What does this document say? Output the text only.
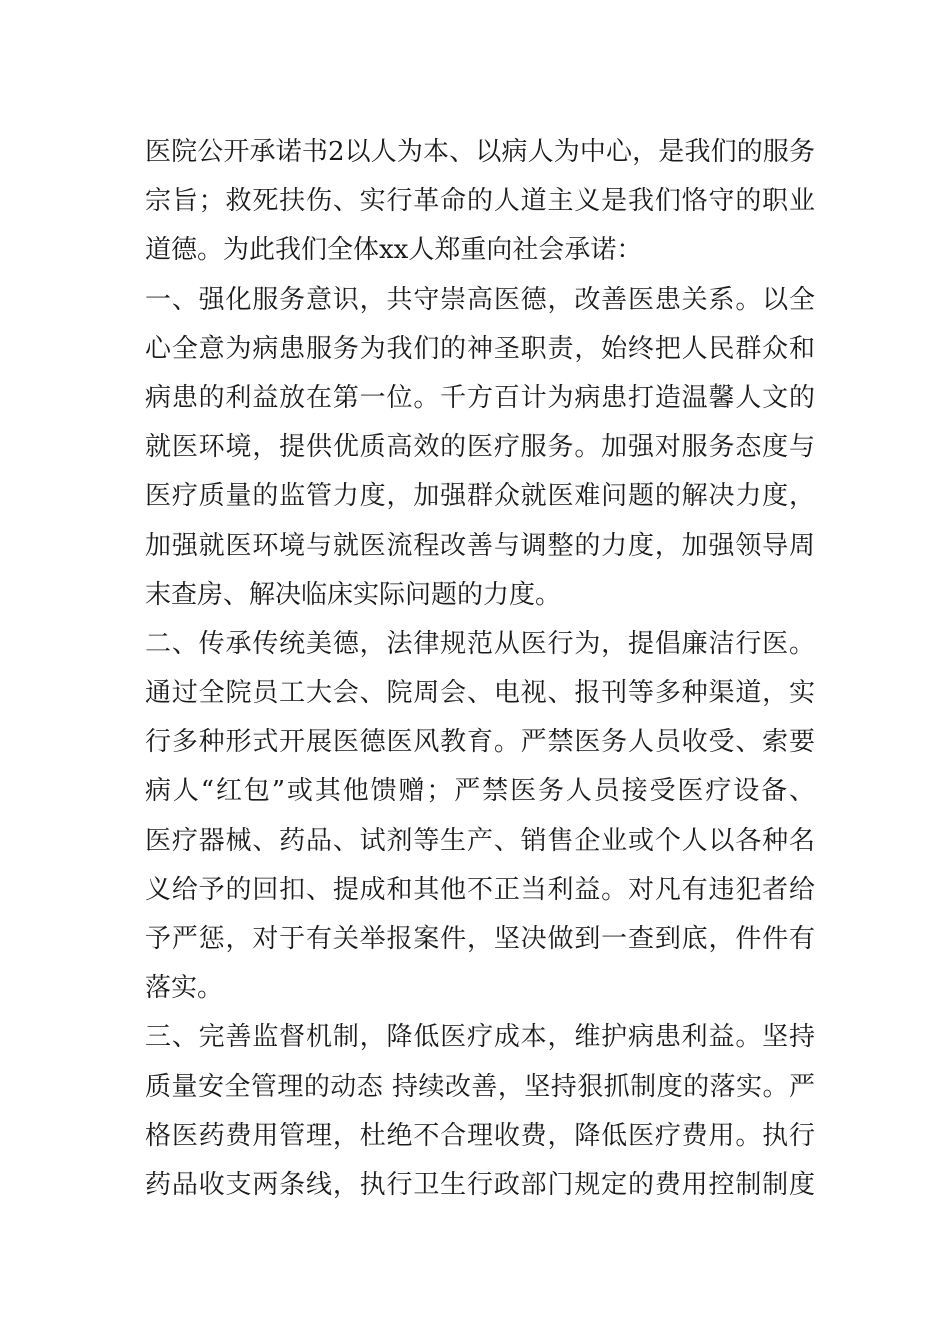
医院公开承诺书2以人为本、以病人为中心，是我们的服务
宗旨；救死扶伤、实行革命的人道主义是我们恪守的职业
道德。为此我们全体xx人郑重向社会承诺：
一、强化服务意识，共守崇高医德，改善医患关系。以全
心全意为病患服务为我们的神圣职责，始终把人民群众和
病患的利益放在第一位。千方百计为病患打造温馨人文的
就医环境，提供优质高效的医疗服务。加强对服务态度与
医疗质量的监管力度，加强群众就医难问题的解决力度，
加强就医环境与就医流程改善与调整的力度，加强领导周
末查房、解决临床实际问题的力度。
二、传承传统美德，法律规范从医行为，提倡廉洁行医。
通过全院员工大会、院周会、电视、报刊等多种渠道，实
行多种形式开展医德医风教育。严禁医务人员收受、索要
病人“红包”或其他馈赠；严禁医务人员接受医疗设备、
医疗器械、药品、试剂等生产、销售企业或个人以各种名
义给予的回扣、提成和其他不正当利益。对凡有违犯者给
予严惩，对于有关举报案件，坚决做到一查到底，件件有
落实。
三、完善监督机制，降低医疗成本，维护病患利益。坚持
质量安全管理的动态 持续改善，坚持狠抓制度的落实。严
格医药费用管理，杜绝不合理收费，降低医疗费用。执行
药品收支两条线，执行卫生行政部门规定的费用控制制度
